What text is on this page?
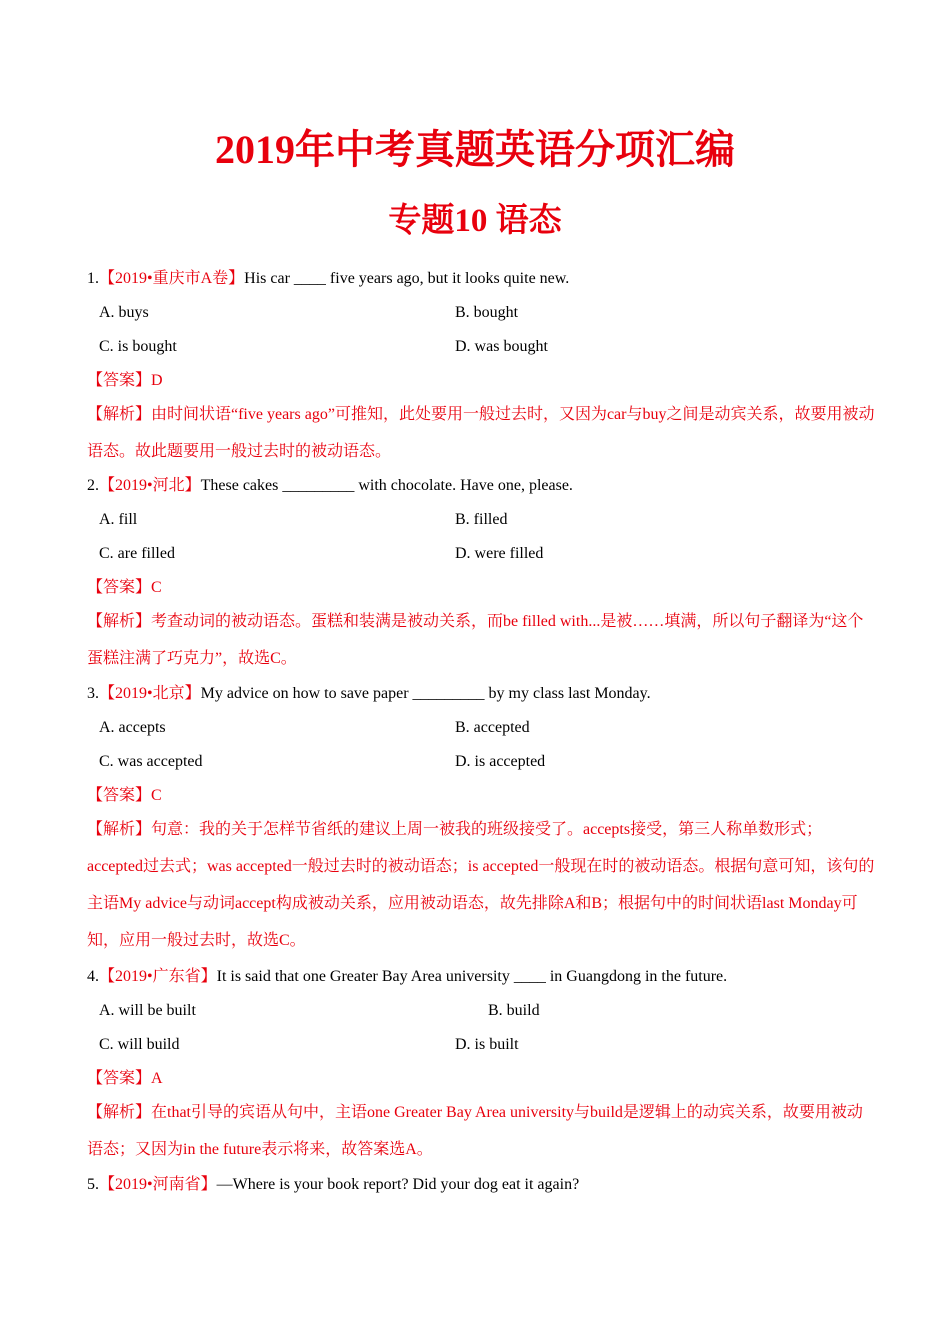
2019年中考真题英语分项汇编
专题10 语态
1.【2019•重庆市A卷】His car ____ five years ago, but it looks quite new.
A. buys	B. bought
C. is bought	D. was bought
【答案】D
【解析】由时间状语“five years ago”可推知，此处要用一般过去时，又因为car与buy之间是动宾关系，故要用被动语态。故此题要用一般过去时的被动语态。
2.【2019•河北】These cakes _________ with chocolate. Have one, please.
A. fill	B. filled
C. are filled	D. were filled
【答案】C
【解析】考查动词的被动语态。蛋糕和装满是被动关系，而be filled with...是被……填满，所以句子翻译为“这个蛋糕注满了巧克力”，故选C。
3.【2019•北京】My advice on how to save paper _________ by my class last Monday.
A. accepts	B. accepted
C. was accepted	D. is accepted
【答案】C
【解析】句意：我的关于怎样节省纸的建议上周一被我的班级接受了。accepts接受，第三人称单数形式；accepted过去式；was accepted一般过去时的被动语态；is accepted一般现在时的被动语态。根据句意可知，该句的主语My advice与动词accept构成被动关系，应用被动语态，故先排除A和B；根据句中的时间状语last Monday可知，应用一般过去时，故选C。
4.【2019•广东省】It is said that one Greater Bay Area university ____ in Guangdong in the future.
A. will be built	B. build
C. will build	D. is built
【答案】A
【解析】在that引导的宾语从句中，主语one Greater Bay Area university与build是逻辑上的动宾关系，故要用被动语态；又因为in the future表示将来，故答案选A。
5.【2019•河南省】—Where is your book report? Did your dog eat it again?
